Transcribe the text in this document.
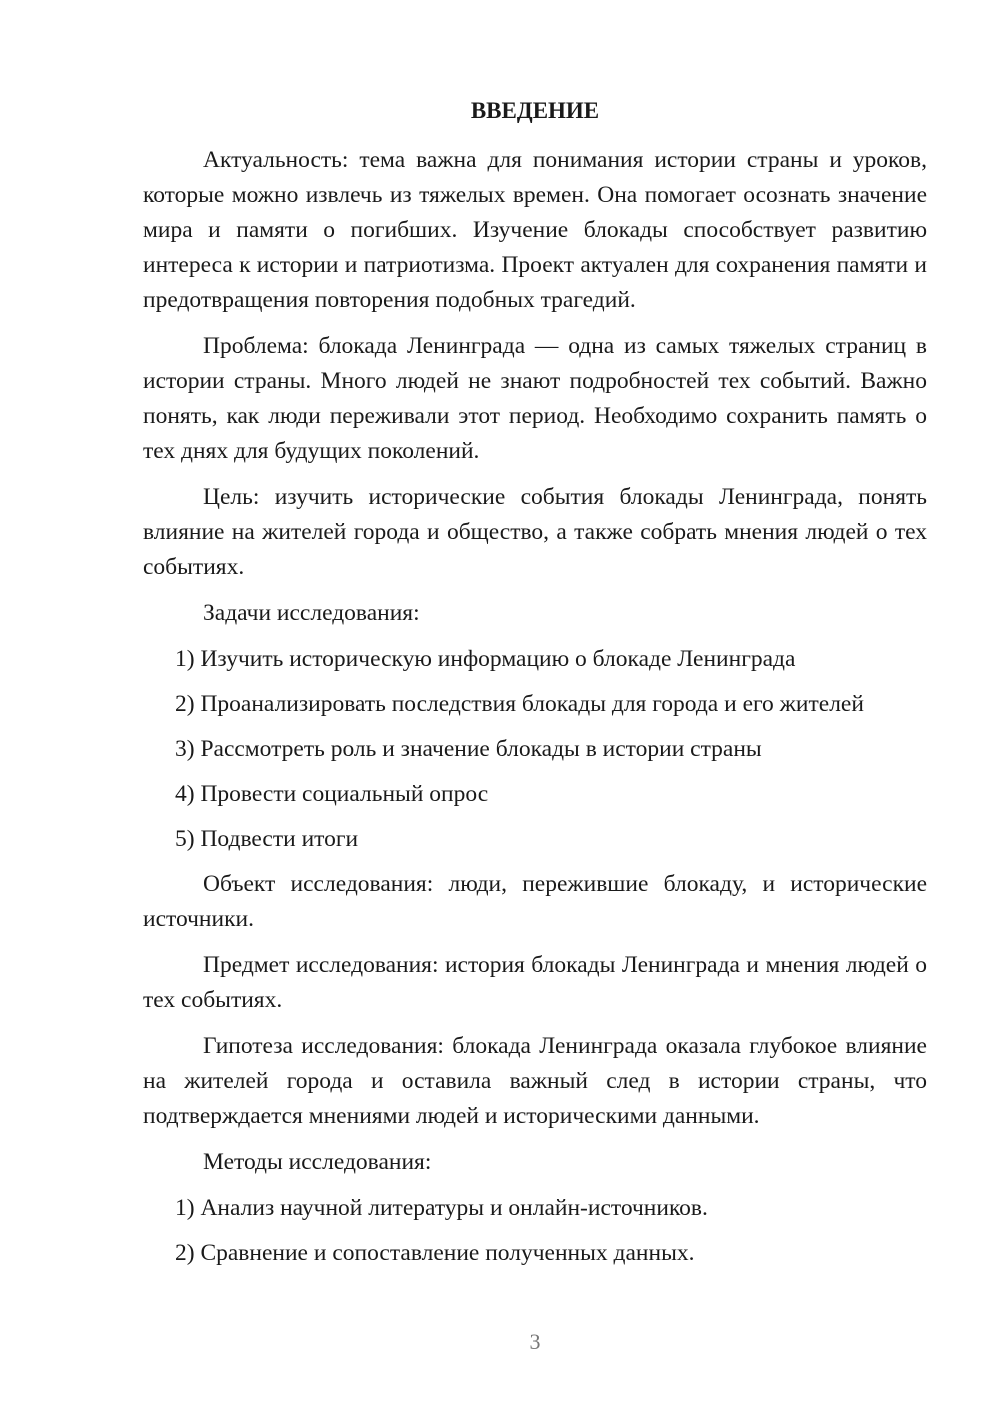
ВВЕДЕНИЕ

Актуальность: тема важна для понимания истории страны и уроков, которые можно извлечь из тяжелых времен. Она помогает осознать значение мира и памяти о погибших. Изучение блокады способствует развитию интереса к истории и патриотизма. Проект актуален для сохранения памяти и предотвращения повторения подобных трагедий.

Проблема: блокада Ленинграда — одна из самых тяжелых страниц в истории страны. Много людей не знают подробностей тех событий. Важно понять, как люди переживали этот период. Необходимо сохранить память о тех днях для будущих поколений.

Цель: изучить исторические события блокады Ленинграда, понять влияние на жителей города и общество, а также собрать мнения людей о тех событиях.

Задачи исследования:

1) Изучить историческую информацию о блокаде Ленинграда

2) Проанализировать последствия блокады для города и его жителей

3) Рассмотреть роль и значение блокады в истории страны

4) Провести социальный опрос

5) Подвести итоги

Объект исследования: люди, пережившие блокаду, и исторические источники.

Предмет исследования: история блокады Ленинграда и мнения людей о тех событиях.

Гипотеза исследования: блокада Ленинграда оказала глубокое влияние на жителей города и оставила важный след в истории страны, что подтверждается мнениями людей и историческими данными.

Методы исследования:

1) Анализ научной литературы и онлайн-источников.

2) Сравнение и сопоставление полученных данных.

3
